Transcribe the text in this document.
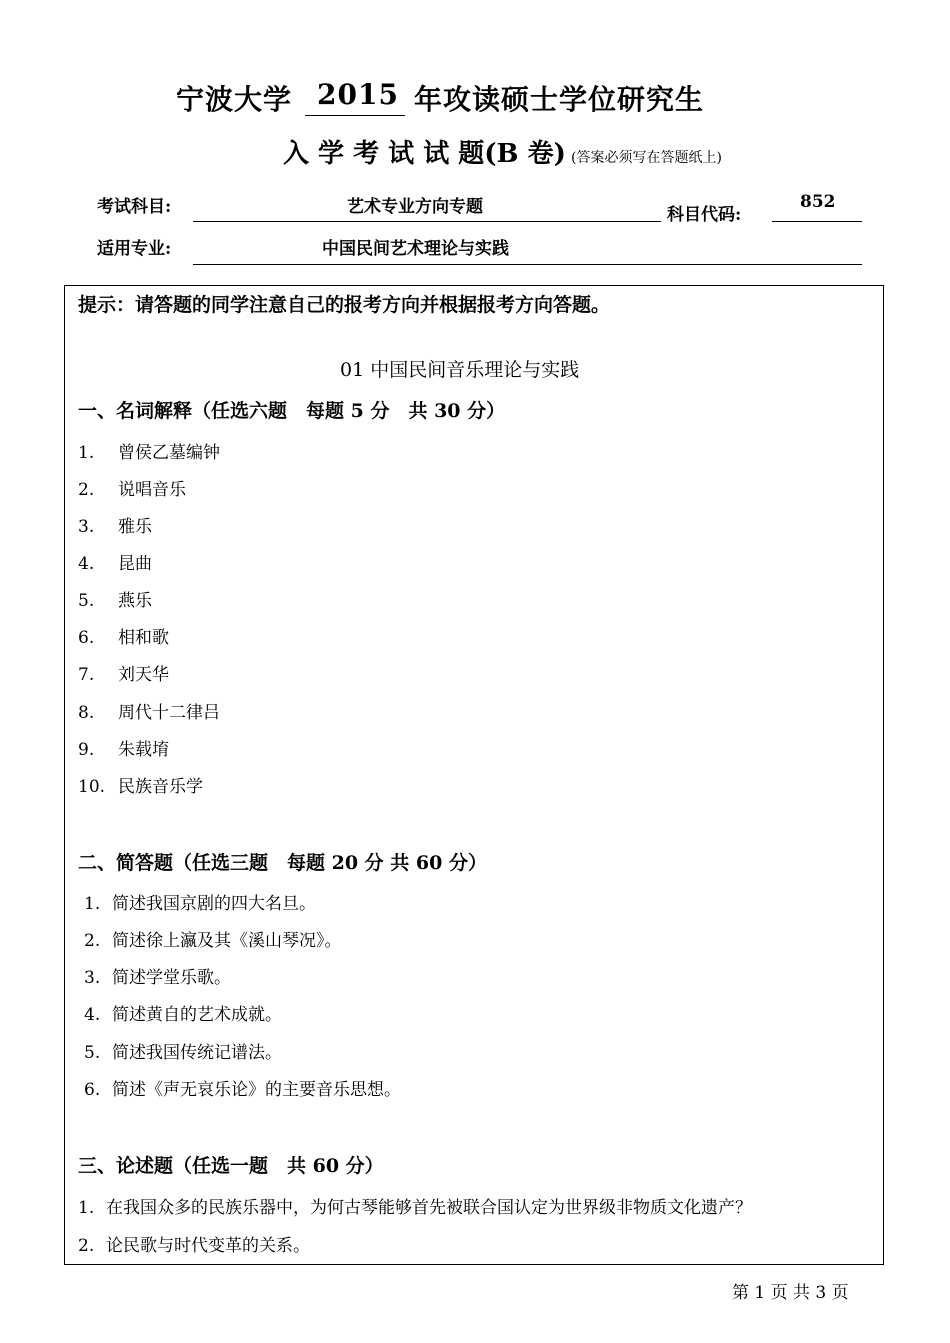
宁波大学 2015 年攻读硕士学位研究生
入 学 考 试 试 题(B 卷) (答案必须写在答题纸上)
考试科目:	艺术专业方向专题	科目代码:
852
适用专业:	中国民间艺术理论与实践
提示：请答题的同学注意自己的报考方向并根据报考方向答题。
01 中国民间音乐理论与实践
一、名词解释（任选六题　每题 5 分　共 30 分）
1. 曾侯乙墓编钟
2. 说唱音乐
3. 雅乐
4. 昆曲
5. 燕乐
6. 相和歌
7. 刘天华
8. 周代十二律吕
9. 朱载堉
10. 民族音乐学
二、简答题（任选三题　每题 20 分 共 60 分）
1. 简述我国京剧的四大名旦。
2. 简述徐上瀛及其《溪山琴况》。
3. 简述学堂乐歌。
4. 简述黄自的艺术成就。
5. 简述我国传统记谱法。
6. 简述《声无哀乐论》的主要音乐思想。
三、论述题（任选一题　共 60 分）
1. 在我国众多的民族乐器中，为何古琴能够首先被联合国认定为世界级非物质文化遗产？
2. 论民歌与时代变革的关系。
第 1 页 共 3 页
